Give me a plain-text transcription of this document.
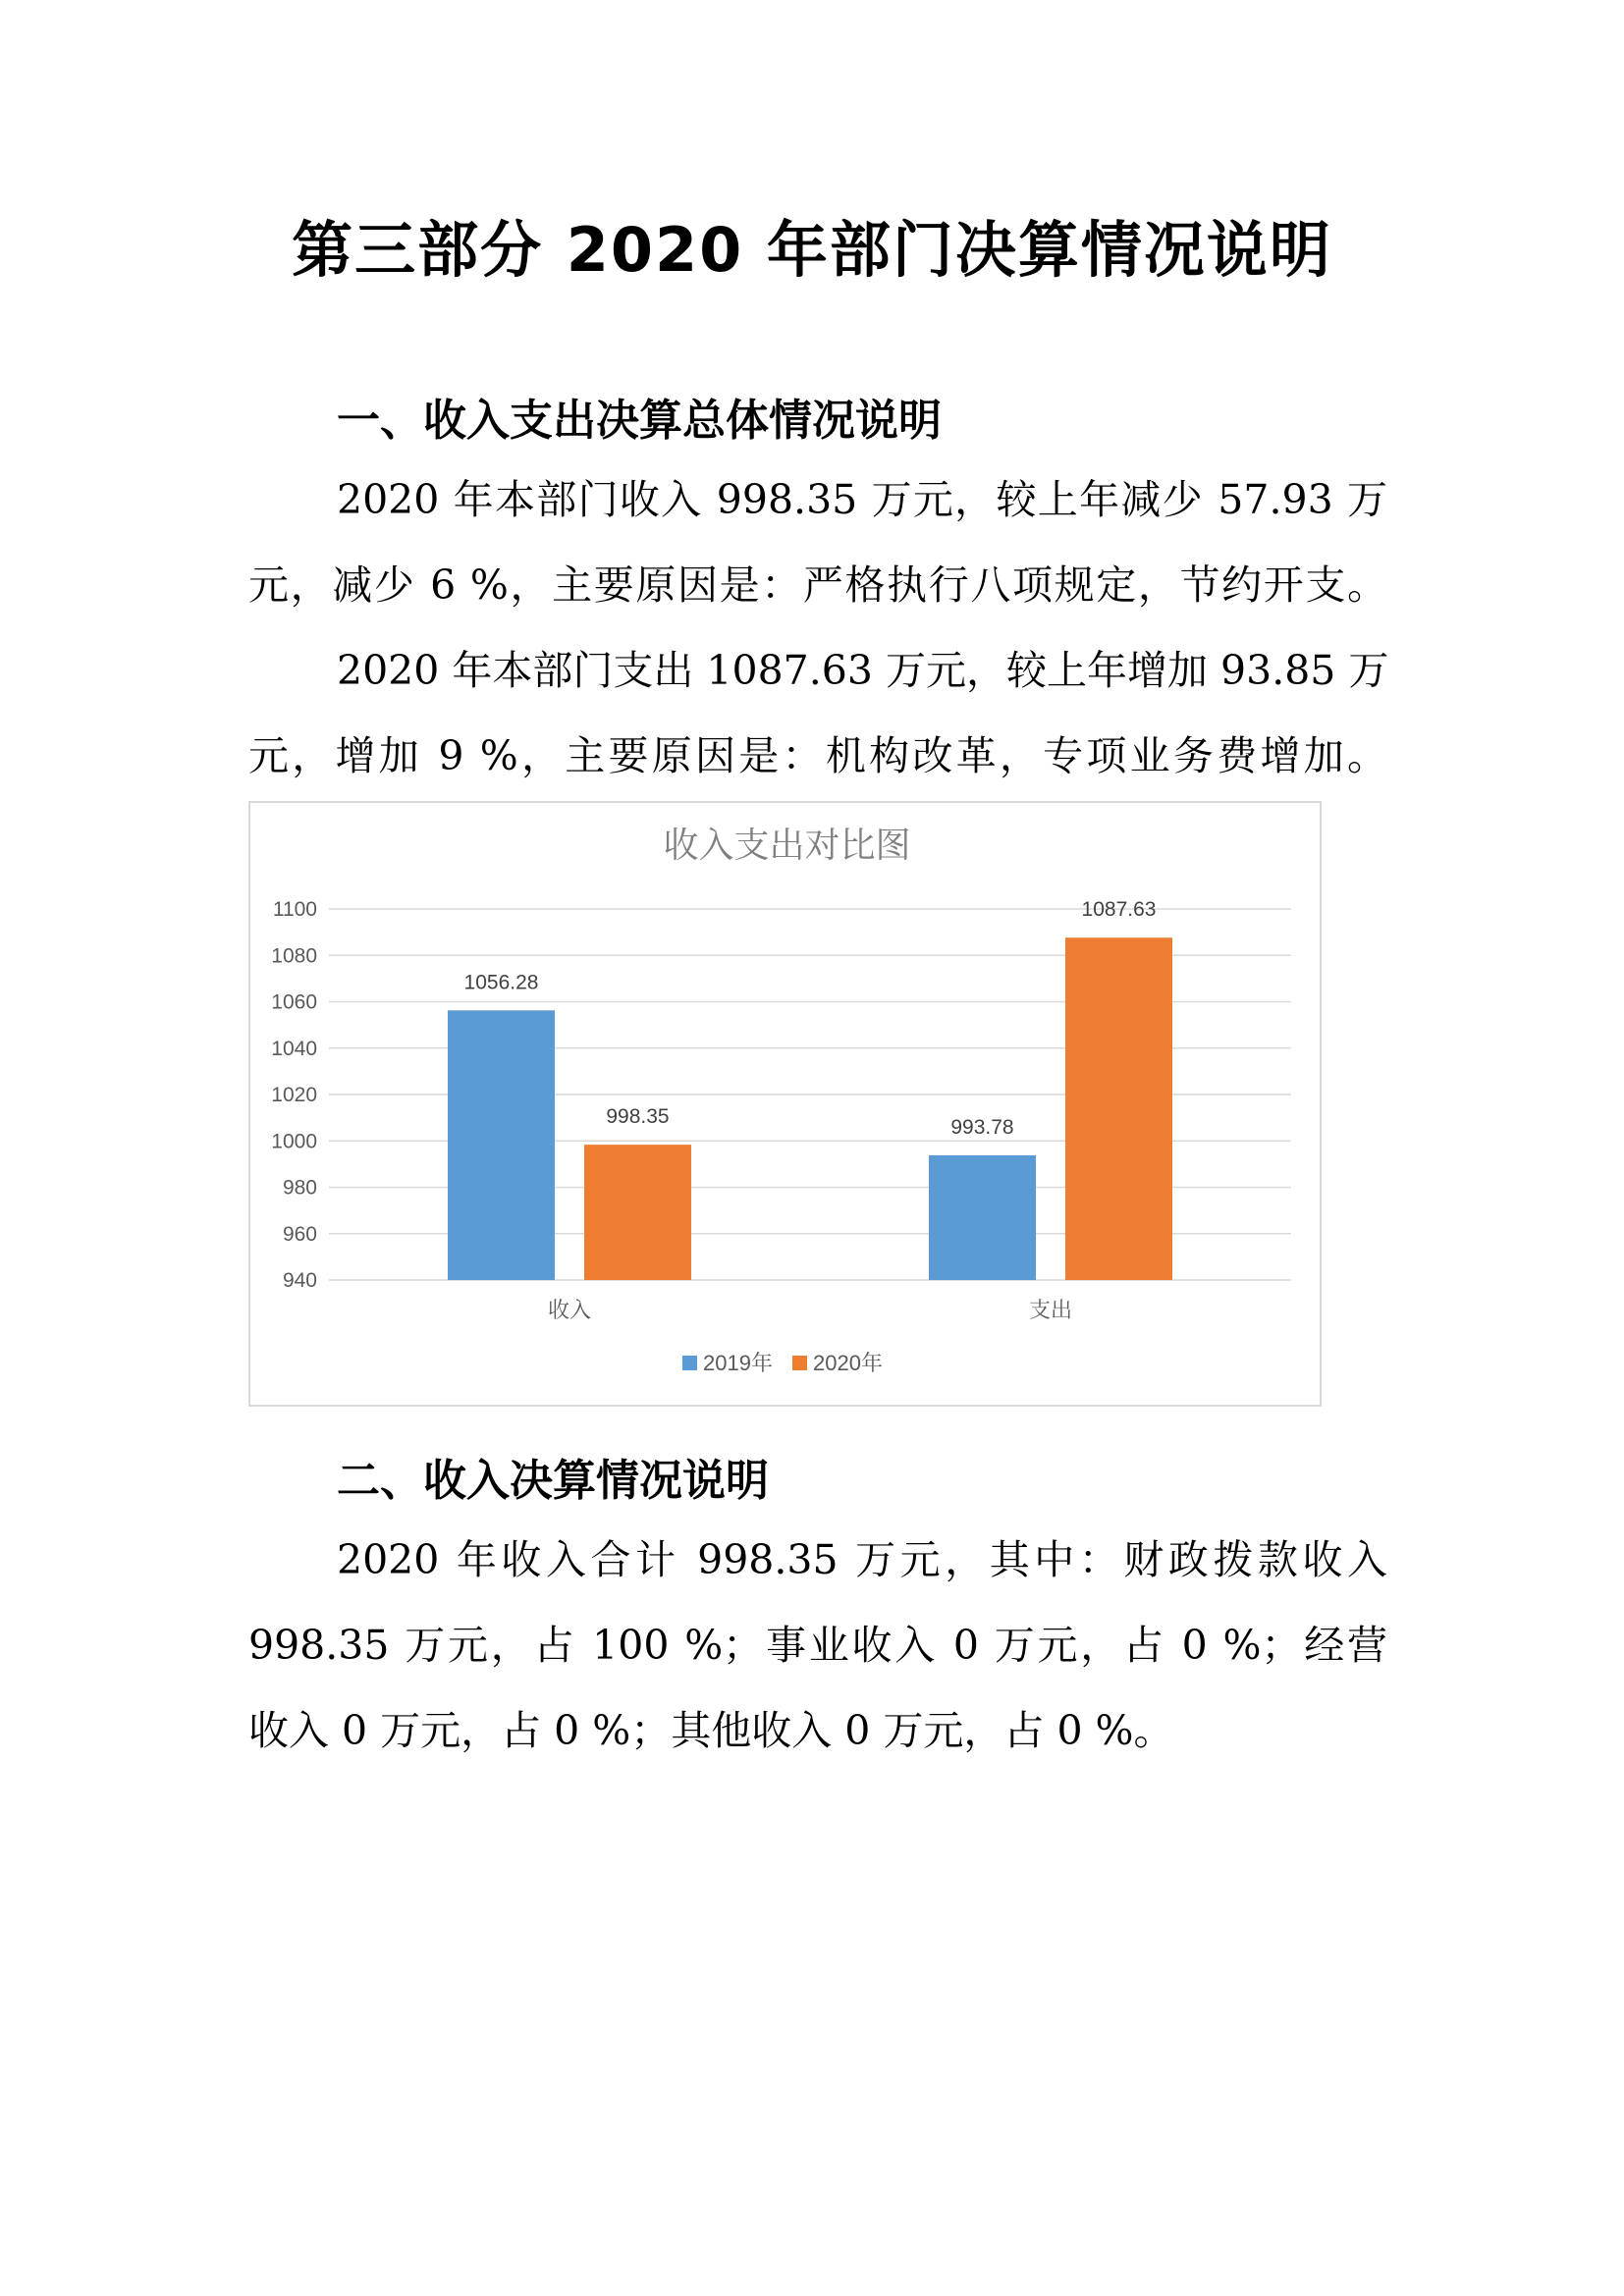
第三部分 2020 年部门决算情况说明
一、收入支出决算总体情况说明

2020 年本部门收入 998.35 万元，较上年减少 57.93 万
元，减少 6 %，主要原因是：严格执行八项规定，节约开支。

2020 年本部门支出 1087.63 万元，较上年增加 93.85 万
元，增加 9 %，主要原因是：机构改革，专项业务费增加。

收入支出对比图
940
960
980
1000
1020
1040
1060
1080
1100
1056.28
998.35
收入
993.78
1087.63
支出
2019年 2020年
二、收入决算情况说明

2020 年收入合计 998.35 万元，其中：财政拨款收入
998.35 万元，占 100 %；事业收入 0 万元，占 0 %；经营
收入 0 万元，占 0 %；其他收入 0 万元，占 0 %。
